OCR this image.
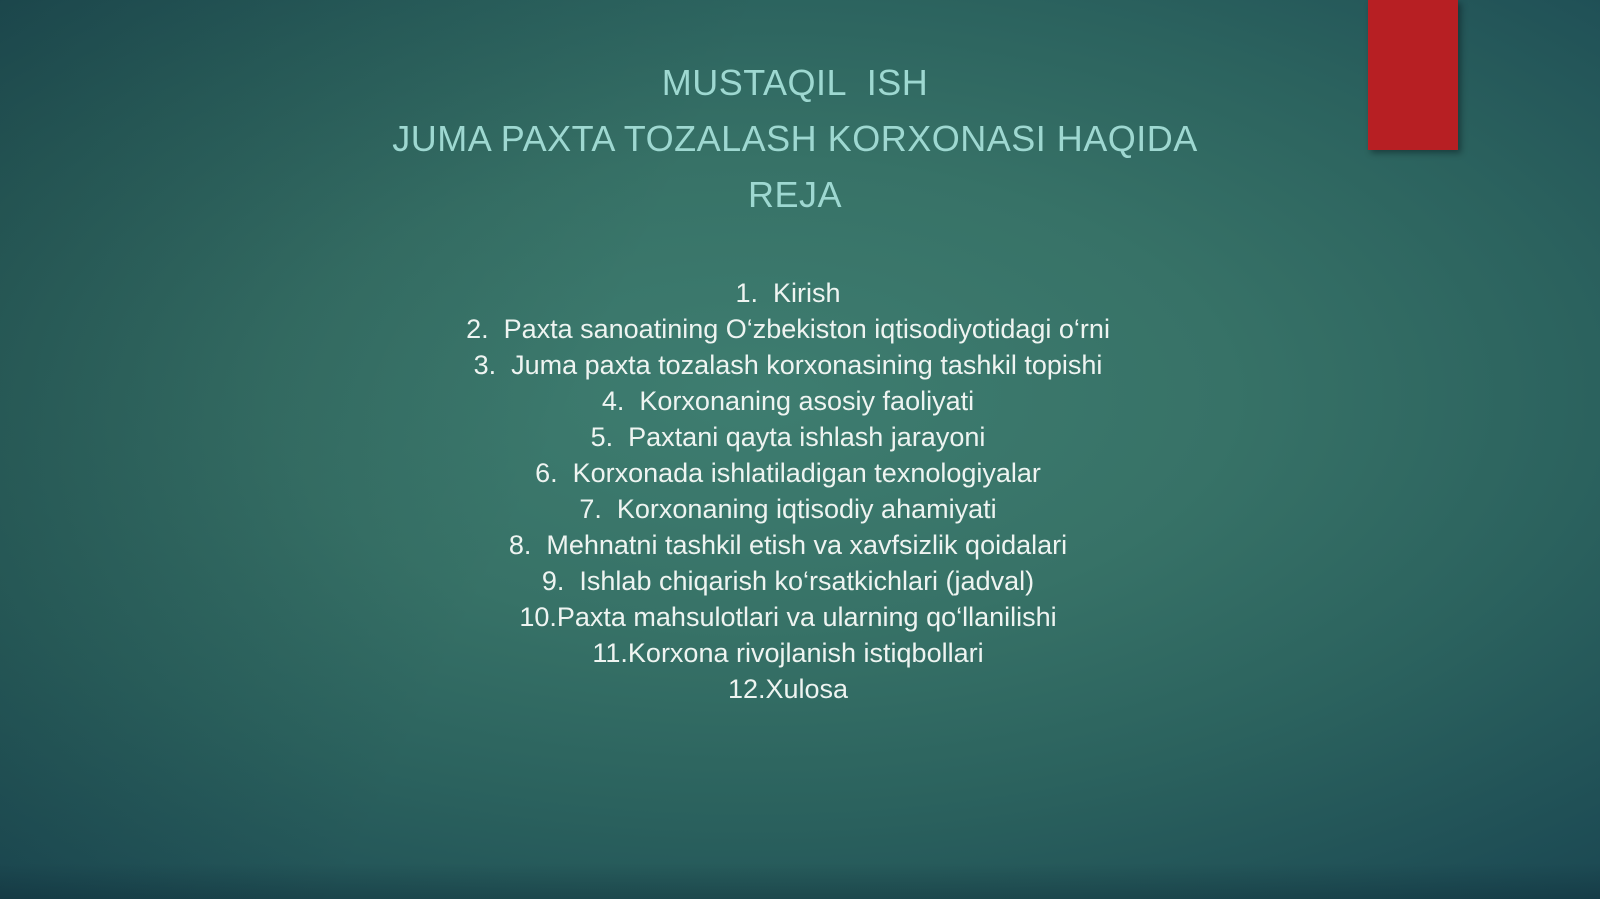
MUSTAQIL  ISH
JUMA PAXTA TOZALASH KORXONASI HAQIDA
REJA
1.  Kirish
2.  Paxta sanoatining O‘zbekiston iqtisodiyotidagi o‘rni
3.  Juma paxta tozalash korxonasining tashkil topishi
4.  Korxonaning asosiy faoliyati
5.  Paxtani qayta ishlash jarayoni
6.  Korxonada ishlatiladigan texnologiyalar
7.  Korxonaning iqtisodiy ahamiyati
8.  Mehnatni tashkil etish va xavfsizlik qoidalari
9.  Ishlab chiqarish ko‘rsatkichlari (jadval)
10.Paxta mahsulotlari va ularning qo‘llanilishi
11.Korxona rivojlanish istiqbollari
12.Xulosa
